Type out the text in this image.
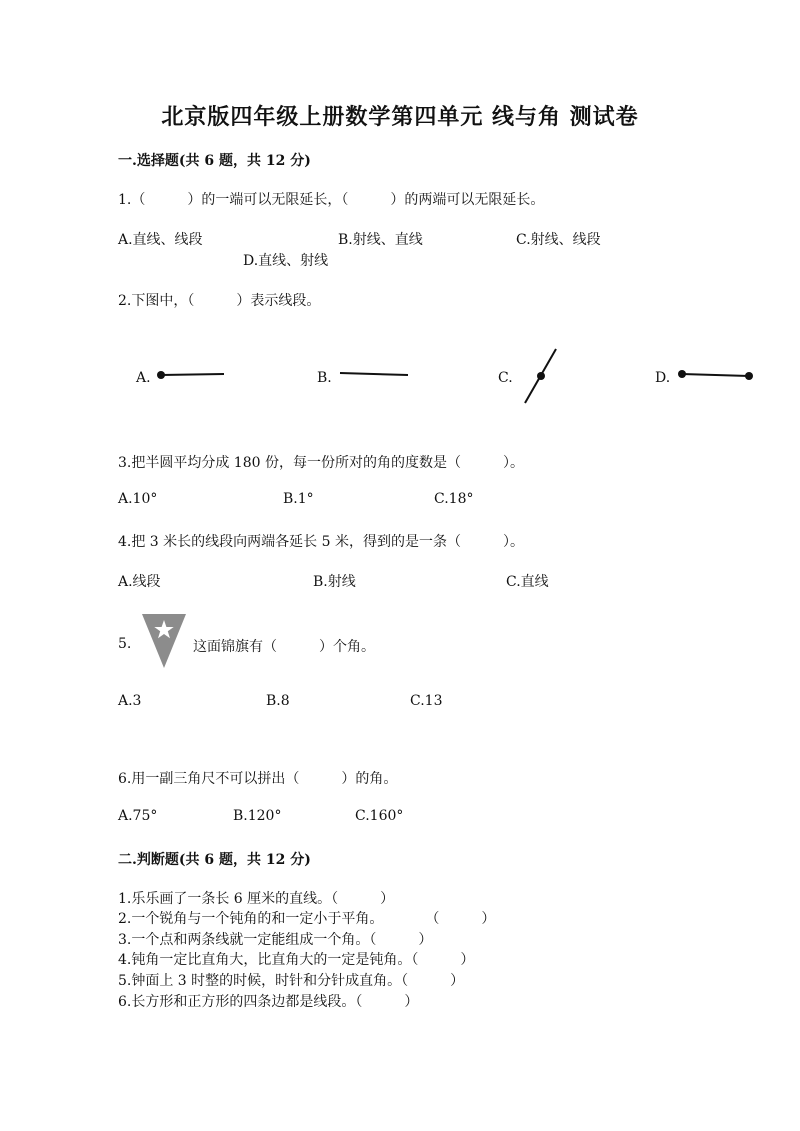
北京版四年级上册数学第四单元 线与角 测试卷
一.选择题(共 6 题，共 12 分)
1.（　　　）的一端可以无限延长，（　　　）的两端可以无限延长。
A.直线、线段	B.射线、直线	C.射线、线段
D.直线、射线
2.下图中，（　　　）表示线段。
A.	B.	C.	D.
3.把半圆平均分成 180 份，每一份所对的角的度数是（　　　）。
A.10°	B.1°	C.18°
4.把 3 米长的线段向两端各延长 5 米，得到的是一条（　　　）。
A.线段	B.射线	C.直线
5.	这面锦旗有（　　　）个角。
A.3	B.8	C.13
6.用一副三角尺不可以拼出（　　　）的角。
A.75°	B.120°	C.160°
二.判断题(共 6 题，共 12 分)
1.乐乐画了一条长 6 厘米的直线。（　　　）
2.一个锐角与一个钝角的和一定小于平角。　　　　（　　　）
3.一个点和两条线就一定能组成一个角。（　　　）
4.钝角一定比直角大，比直角大的一定是钝角。（　　　）
5.钟面上 3 时整的时候，时针和分针成直角。（　　　）
6.长方形和正方形的四条边都是线段。（　　　）
